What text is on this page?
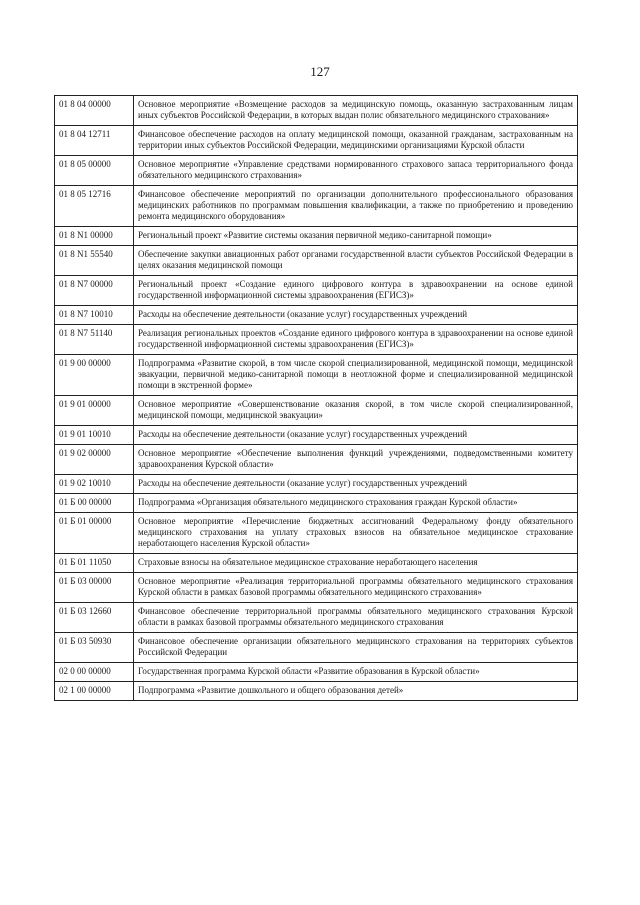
127
01 8 04 00000	Основное мероприятие «Возмещение расходов за медицинскую помощь, оказанную застрахованным лицам иных субъектов Российской Федерации, в которых выдан полис обязательного медицинского страхования»
01 8 04 12711	Финансовое обеспечение расходов на оплату медицинской помощи, оказанной гражданам, застрахованным на территории иных субъектов Российской Федерации, медицинскими организациями Курской области
01 8 05 00000	Основное мероприятие «Управление средствами нормированного страхового запаса территориального фонда обязательного медицинского страхования»
01 8 05 12716	Финансовое обеспечение мероприятий по организации дополнительного профессионального образования медицинских работников по программам повышения квалификации, а также по приобретению и проведению ремонта медицинского оборудования»
01 8 N1 00000	Региональный проект «Развитие системы оказания первичной медико-санитарной помощи»
01 8 N1 55540	Обеспечение закупки авиационных работ органами государственной власти субъектов Российской Федерации в целях оказания медицинской помощи
01 8 N7 00000	Региональный проект «Создание единого цифрового контура в здравоохранении на основе единой государственной информационной системы здравоохранения (ЕГИСЗ)»
01 8 N7 10010	Расходы на обеспечение деятельности (оказание услуг) государственных учреждений
01 8 N7 51140	Реализация региональных проектов «Создание единого цифрового контура в здравоохранении на основе единой государственной информационной системы здравоохранения (ЕГИСЗ)»
01 9 00 00000	Подпрограмма «Развитие скорой, в том числе скорой специализированной, медицинской помощи, медицинской эвакуации, первичной медико-санитарной помощи в неотложной форме и специализированной медицинской помощи в экстренной форме»
01 9 01 00000	Основное мероприятие «Совершенствование оказания скорой, в том числе скорой специализированной, медицинской помощи, медицинской эвакуации»
01 9 01 10010	Расходы на обеспечение деятельности (оказание услуг) государственных учреждений
01 9 02 00000	Основное мероприятие «Обеспечение выполнения функций учреждениями, подведомственными комитету здравоохранения Курской области»
01 9 02 10010	Расходы на обеспечение деятельности (оказание услуг) государственных учреждений
01 Б 00 00000	Подпрограмма «Организация обязательного медицинского страхования граждан Курской области»
01 Б 01 00000	Основное мероприятие «Перечисление бюджетных ассигнований Федеральному фонду обязательного медицинского страхования на уплату страховых взносов на обязательное медицинское страхование неработающего населения Курской области»
01 Б 01 11050	Страховые взносы на обязательное медицинское страхование неработающего населения
01 Б 03 00000	Основное мероприятие «Реализация территориальной программы обязательного медицинского страхования Курской области в рамках базовой программы обязательного медицинского страхования»
01 Б 03 12660	Финансовое обеспечение территориальной программы обязательного медицинского страхования Курской области в рамках базовой программы обязательного медицинского страхования
01 Б 03 50930	Финансовое обеспечение организации обязательного медицинского страхования на территориях субъектов Российской Федерации
02 0 00 00000	Государственная программа Курской области «Развитие образования в Курской области»
02 1 00 00000	Подпрограмма «Развитие дошкольного и общего образования детей»
